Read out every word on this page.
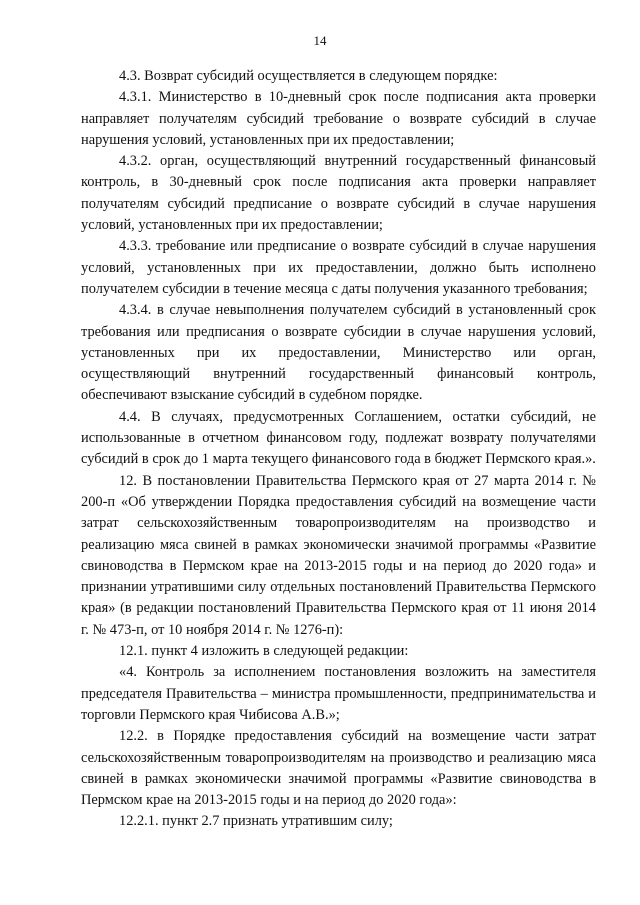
14

4.3. Возврат субсидий осуществляется в следующем порядке:

4.3.1. Министерство в 10-дневный срок после подписания акта проверки направляет получателям субсидий требование о возврате субсидий в случае нарушения условий, установленных при их предоставлении;

4.3.2. орган, осуществляющий внутренний государственный финансовый контроль, в 30-дневный срок после подписания акта проверки направляет получателям субсидий предписание о возврате субсидий в случае нарушения условий, установленных при их предоставлении;

4.3.3. требование или предписание о возврате субсидий в случае нарушения условий, установленных при их предоставлении, должно быть исполнено получателем субсидии в течение месяца с даты получения указанного требования;

4.3.4. в случае невыполнения получателем субсидий в установленный срок требования или предписания о возврате субсидии в случае нарушения условий, установленных при их предоставлении, Министерство или орган, осуществляющий внутренний государственный финансовый контроль, обеспечивают взыскание субсидий в судебном порядке.

4.4. В случаях, предусмотренных Соглашением, остатки субсидий, не использованные в отчетном финансовом году, подлежат возврату получателями субсидий в срок до 1 марта текущего финансового года в бюджет Пермского края.».

12. В постановлении Правительства Пермского края от 27 марта 2014 г. № 200-п «Об утверждении Порядка предоставления субсидий на возмещение части затрат сельскохозяйственным товаропроизводителям на производство и реализацию мяса свиней в рамках экономически значимой программы «Развитие свиноводства в Пермском крае на 2013-2015 годы и на период до 2020 года» и признании утратившими силу отдельных постановлений Правительства Пермского края» (в редакции постановлений Правительства Пермского края от 11 июня 2014 г. № 473-п, от 10 ноября 2014 г. № 1276-п):

12.1. пункт 4 изложить в следующей редакции:

«4. Контроль за исполнением постановления возложить на заместителя председателя Правительства – министра промышленности, предпринимательства и торговли Пермского края Чибисова А.В.»;

12.2. в Порядке предоставления субсидий на возмещение части затрат сельскохозяйственным товаропроизводителям на производство и реализацию мяса свиней в рамках экономически значимой программы «Развитие свиноводства в Пермском крае на 2013-2015 годы и на период до 2020 года»:

12.2.1. пункт 2.7 признать утратившим силу;
